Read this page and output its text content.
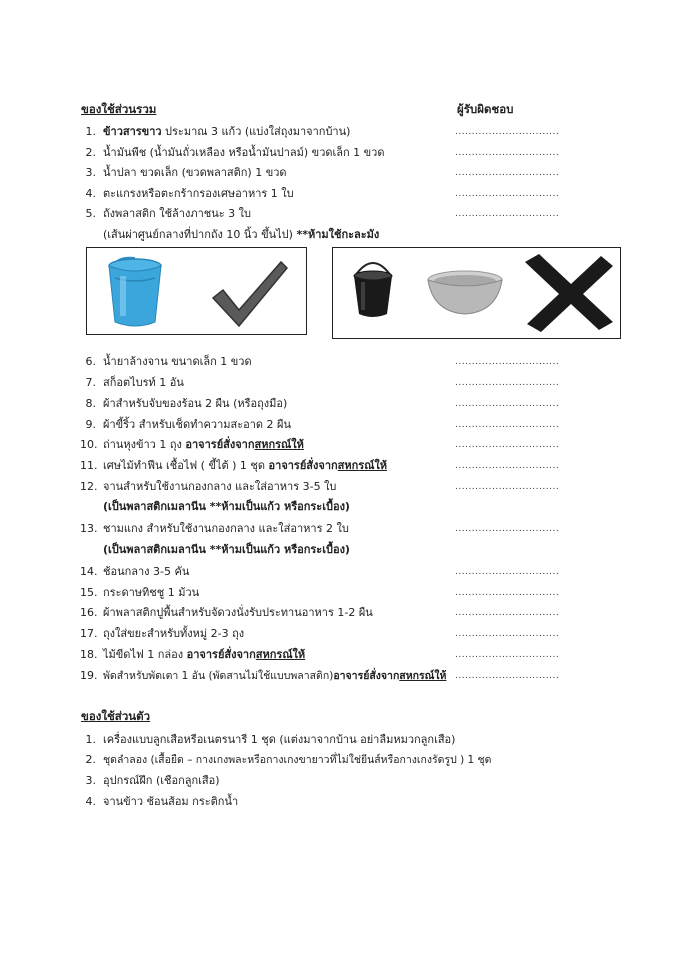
ของใช้ส่วนรวม	ผู้รับผิดชอบ
1. ข้าวสารขาว ประมาณ 3 แก้ว (แบ่งใส่ถุงมาจากบ้าน)	...............................
2. น้ำมันพืช (น้ำมันถั่วเหลือง หรือน้ำมันปาลม์) ขวดเล็ก 1 ขวด	...............................
3. น้ำปลา ขวดเล็ก (ขวดพลาสติก) 1 ขวด	...............................
4. ตะแกรงหรือตะกร้ากรองเศษอาหาร 1 ใบ	...............................
5. ถังพลาสติก ใช้ล้างภาชนะ 3 ใบ	...............................
(เส้นผ่าศูนย์กลางที่ปากถัง 10 นิ้ว ขึ้นไป) **ห้ามใช้กะละมัง
6. น้ำยาล้างจาน ขนาดเล็ก 1 ขวด	...............................
7. สก็อตไบรท์ 1 อัน	...............................
8. ผ้าสำหรับจับของร้อน 2 ผืน (หรือถุงมือ)	...............................
9. ผ้าขี้ริ้ว สำหรับเช็ดทำความสะอาด 2 ผืน	...............................
10. ถ่านหุงข้าว 1 ถุง อาจารย์สั่งจากสหกรณ์ให้	...............................
11. เศษไม้ทำฟืน เชื้อไฟ ( ขี้ไต้ ) 1 ชุด อาจารย์สั่งจากสหกรณ์ให้	...............................
12. จานสำหรับใช้งานกองกลาง และใส่อาหาร 3-5 ใบ	...............................
(เป็นพลาสติกเมลานีน **ห้ามเป็นแก้ว หรือกระเบื้อง)
13. ชามแกง สำหรับใช้งานกองกลาง และใส่อาหาร 2 ใบ	...............................
(เป็นพลาสติกเมลานีน **ห้ามเป็นแก้ว หรือกระเบื้อง)
14. ช้อนกลาง 3-5 คัน	...............................
15. กระดาษทิชชู 1 ม้วน	...............................
16. ผ้าพลาสติกปูพื้นสำหรับจัดวงนั่งรับประทานอาหาร 1-2 ผืน	...............................
17. ถุงใส่ขยะสำหรับทั้งหมู่ 2-3 ถุง	...............................
18. ไม้ขีดไฟ 1 กล่อง อาจารย์สั่งจากสหกรณ์ให้	...............................
19. พัดสำหรับพัดเตา 1 อัน (พัดสานไม่ใช้แบบพลาสติก)อาจารย์สั่งจากสหกรณ์ให้ ...............................
ของใช้ส่วนตัว
1. เครื่องแบบลูกเสือหรือเนตรนารี 1 ชุด (แต่งมาจากบ้าน อย่าลืมหมวกลูกเสือ)
2. ชุดลำลอง (เสื้อยืด – กางเกงพละหรือกางเกงขายาวที่ไม่ใช่ยีนส์หรือกางเกงรัดรูป ) 1 ชุด
3. อุปกรณ์ฝึก (เชือกลูกเสือ)
4. จานข้าว ช้อนส้อม กระติกน้ำ
